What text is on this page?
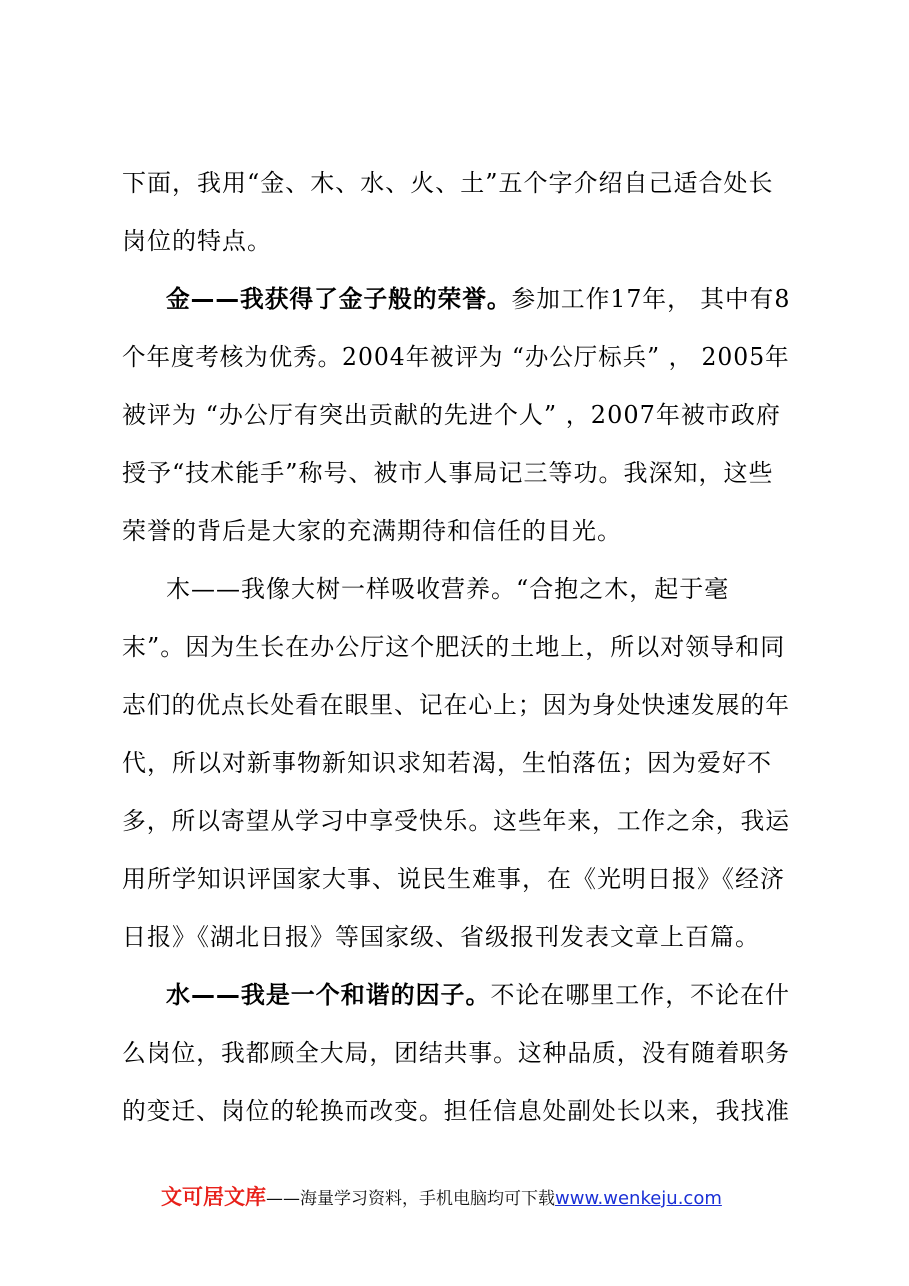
下面，我用“金、木、水、火、土”五个字介绍自己适合处长
岗位的特点。
金——我获得了金子般的荣誉。参加工作17年， 其中有8
个年度考核为优秀。2004年被评为 “办公厅标兵” ， 2005年
被评为 “办公厅有突出贡献的先进个人” ，2007年被市政府
授予“技术能手”称号、被市人事局记三等功。我深知，这些
荣誉的背后是大家的充满期待和信任的目光。
木——我像大树一样吸收营养。“合抱之木，起于毫
末”。因为生长在办公厅这个肥沃的土地上，所以对领导和同
志们的优点长处看在眼里、记在心上；因为身处快速发展的年
代，所以对新事物新知识求知若渴，生怕落伍；因为爱好不
多，所以寄望从学习中享受快乐。这些年来，工作之余，我运
用所学知识评国家大事、说民生难事，在《光明日报》《经济
日报》《湖北日报》等国家级、省级报刊发表文章上百篇。
水——我是一个和谐的因子。不论在哪里工作，不论在什
么岗位，我都顾全大局，团结共事。这种品质，没有随着职务
的变迁、岗位的轮换而改变。担任信息处副处长以来，我找准
文可居文库——海量学习资料，手机电脑均可下载www.wenkeju.com
